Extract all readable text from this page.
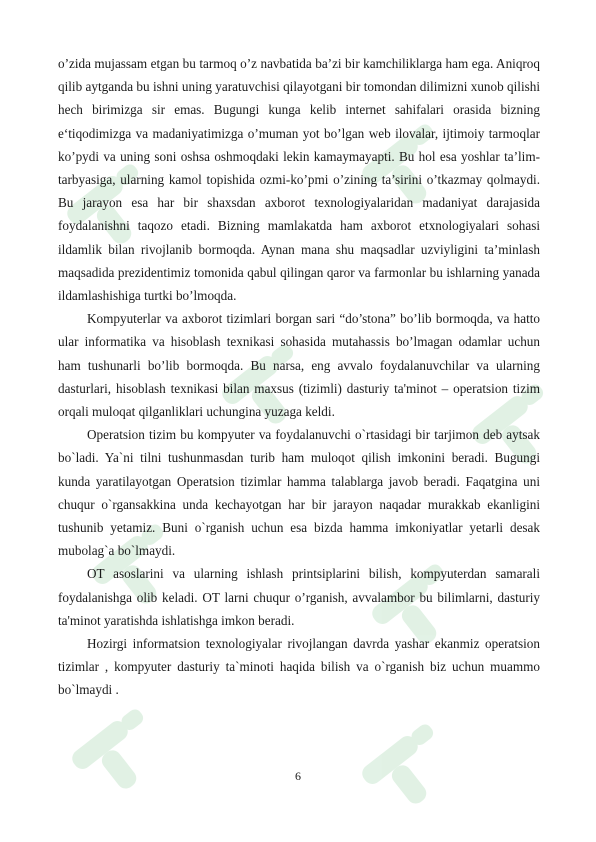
o’zida mujassam etgan bu tarmoq o’z navbatida ba’zi bir kamchiliklarga ham ega. Aniqroq qilib aytganda bu ishni uning yaratuvchisi qilayotgani bir tomondan dilimizni xunob qilishi hech birimizga sir emas. Bugungi kunga kelib internet sahifalari orasida bizning e‘tiqodimizga va madaniyatimizga o’muman yot bo’lgan web ilovalar, ijtimoiy tarmoqlar ko’pydi va uning soni oshsa oshmoqdaki lekin kamaymayapti. Bu hol esa yoshlar ta’lim-tarbyasiga, ularning kamol topishida ozmi-ko’pmi o’zining ta’sirini o’tkazmay qolmaydi. Bu jarayon esa har bir shaxsdan axborot texnologiyalaridan madaniyat darajasida foydalanishni taqozo etadi. Bizning mamlakatda ham axborot etxnologiyalari sohasi ildamlik bilan rivojlanib bormoqda. Aynan mana shu maqsadlar uzviyligini ta’minlash maqsadida prezidentimiz tomonida qabul qilingan qaror va farmonlar bu ishlarning yanada ildamlashishiga turtki bo’lmoqda.

Kompyuterlar va axborot tizimlari borgan sari “do’stona” bo’lib bormoqda, va hatto ular informatika va hisoblash texnikasi sohasida mutahassis bo’lmagan odamlar uchun ham tushunarli bo’lib bormoqda. Bu narsa, eng avvalo foydalanuvchilar va ularning dasturlari, hisoblash texnikasi bilan maxsus (tizimli) dasturiy ta'minot – operatsion tizim orqali muloqat qilganliklari uchungina yuzaga keldi.

Operatsion tizim bu kompyuter va foydalanuvchi o`rtasidagi bir tarjimon deb aytsak bo`ladi. Ya`ni tilni tushunmasdan turib ham muloqot qilish imkonini beradi. Bugungi kunda yaratilayotgan Operatsion tizimlar hamma talablarga javob beradi. Faqatgina uni chuqur o`rgansakkina unda kechayotgan har bir jarayon naqadar murakkab ekanligini tushunib yetamiz. Buni o`rganish uchun esa bizda hamma imkoniyatlar yetarli desak mubolag`a bo`lmaydi.

OT asoslarini va ularning ishlash printsiplarini bilish, kompyuterdan samarali foydalanishga olib keladi. OT larni chuqur o’rganish, avvalambor bu bilimlarni, dasturiy ta'minot yaratishda ishlatishga imkon beradi.

Hozirgi informatsion texnologiyalar rivojlangan davrda yashar ekanmiz operatsion tizimlar , kompyuter dasturiy ta`minoti haqida bilish va o`rganish biz uchun muammo bo`lmaydi .

6
